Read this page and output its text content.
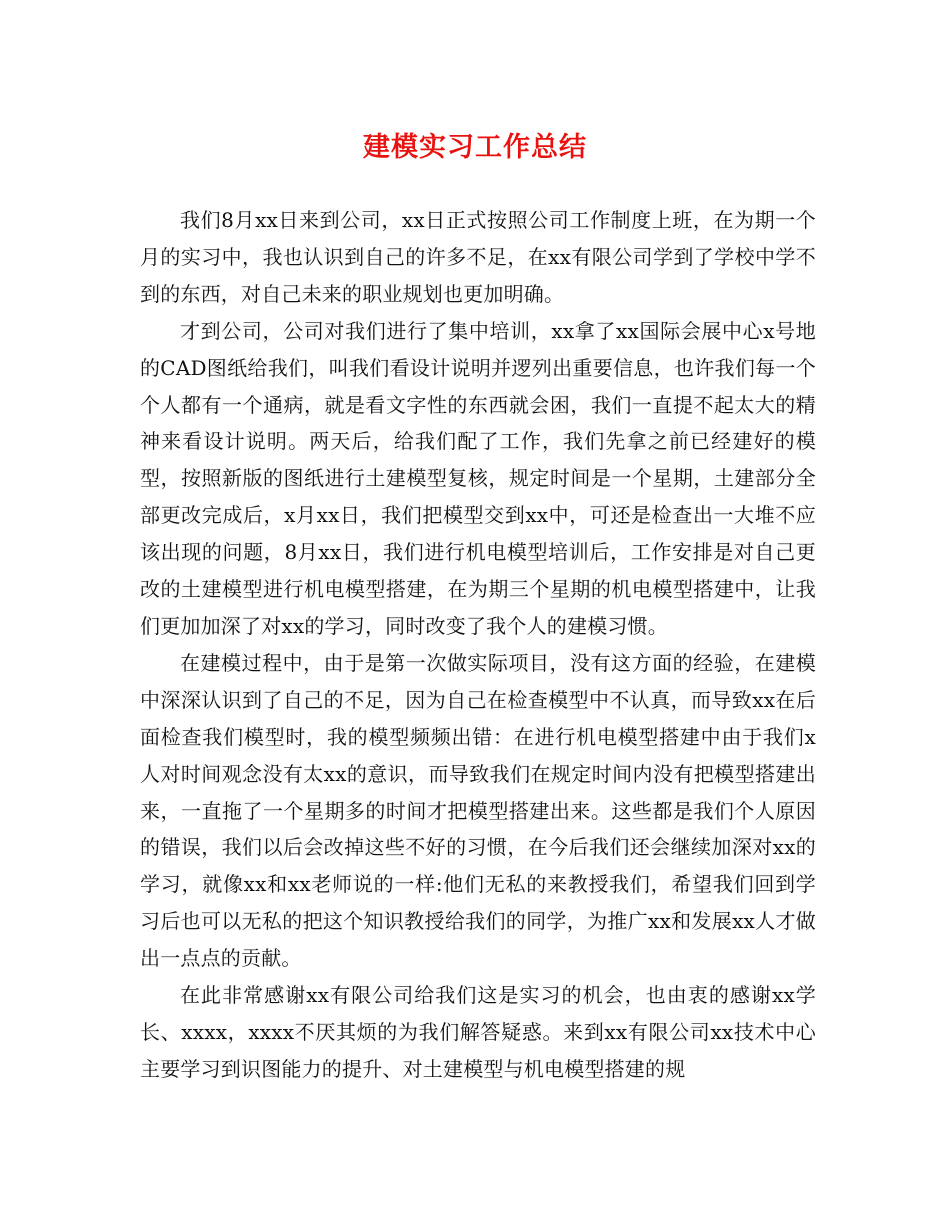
建模实习工作总结

我们8月xx日来到公司，xx日正式按照公司工作制度上班，在为期一个月的实习中，我也认识到自己的许多不足，在xx有限公司学到了学校中学不到的东西，对自己未来的职业规划也更加明确。

才到公司，公司对我们进行了集中培训，xx拿了xx国际会展中心x号地的CAD图纸给我们，叫我们看设计说明并逻列出重要信息，也许我们每一个个人都有一个通病，就是看文字性的东西就会困，我们一直提不起太大的精神来看设计说明。两天后，给我们配了工作，我们先拿之前已经建好的模型，按照新版的图纸进行土建模型复核，规定时间是一个星期，土建部分全部更改完成后，x月xx日，我们把模型交到xx中，可还是检查出一大堆不应该出现的问题，8月xx日，我们进行机电模型培训后，工作安排是对自己更改的土建模型进行机电模型搭建，在为期三个星期的机电模型搭建中，让我们更加加深了对xx的学习，同时改变了我个人的建模习惯。

在建模过程中，由于是第一次做实际项目，没有这方面的经验，在建模中深深认识到了自己的不足，因为自己在检查模型中不认真，而导致xx在后面检查我们模型时，我的模型频频出错：在进行机电模型搭建中由于我们x人对时间观念没有太xx的意识，而导致我们在规定时间内没有把模型搭建出来，一直拖了一个星期多的时间才把模型搭建出来。这些都是我们个人原因的错误，我们以后会改掉这些不好的习惯，在今后我们还会继续加深对xx的学习，就像xx和xx老师说的一样:他们无私的来教授我们，希望我们回到学习后也可以无私的把这个知识教授给我们的同学，为推广xx和发展xx人才做出一点点的贡献。

在此非常感谢xx有限公司给我们这是实习的机会，也由衷的感谢xx学长、xxxx，xxxx不厌其烦的为我们解答疑惑。来到xx有限公司xx技术中心主要学习到识图能力的提升、对土建模型与机电模型搭建的规
